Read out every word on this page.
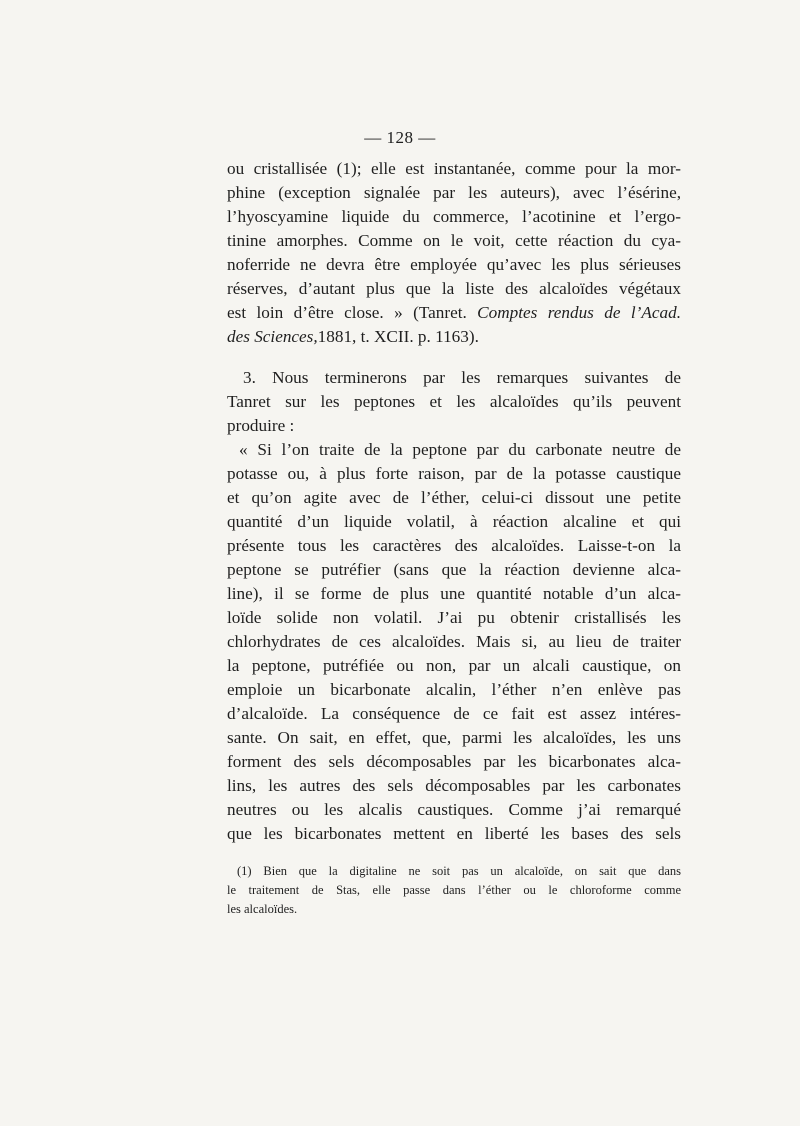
— 128 —
ou cristallisée (1); elle est instantanée, comme pour la mor-
phine (exception signalée par les auteurs), avec l’ésérine,
l’hyoscyamine liquide du commerce, l’acotinine et l’ergo-
tinine amorphes. Comme on le voit, cette réaction du cya-
noferride ne devra être employée qu’avec les plus sérieuses
réserves, d’autant plus que la liste des alcaloïdes végétaux
est loin d’être close. » (Tanret. Comptes rendus de l’Acad.
des Sciences,1881, t. XCII. p. 1163).
3. Nous terminerons par les remarques suivantes de
Tanret sur les peptones et les alcaloïdes qu’ils peuvent
produire :
« Si l’on traite de la peptone par du carbonate neutre de
potasse ou, à plus forte raison, par de la potasse caustique
et qu’on agite avec de l’éther, celui-ci dissout une petite
quantité d’un liquide volatil, à réaction alcaline et qui
présente tous les caractères des alcaloïdes. Laisse-t-on la
peptone se putréfier (sans que la réaction devienne alca-
line), il se forme de plus une quantité notable d’un alca-
loïde solide non volatil. J’ai pu obtenir cristallisés les
chlorhydrates de ces alcaloïdes. Mais si, au lieu de traiter
la peptone, putréfiée ou non, par un alcali caustique, on
emploie un bicarbonate alcalin, l’éther n’en enlève pas
d’alcaloïde. La conséquence de ce fait est assez intéres-
sante. On sait, en effet, que, parmi les alcaloïdes, les uns
forment des sels décomposables par les bicarbonates alca-
lins, les autres des sels décomposables par les carbonates
neutres ou les alcalis caustiques. Comme j’ai remarqué
que les bicarbonates mettent en liberté les bases des sels
(1) Bien que la digitaline ne soit pas un alcaloïde, on sait que dans
le traitement de Stas, elle passe dans l’éther ou le chloroforme comme
les alcaloïdes.
